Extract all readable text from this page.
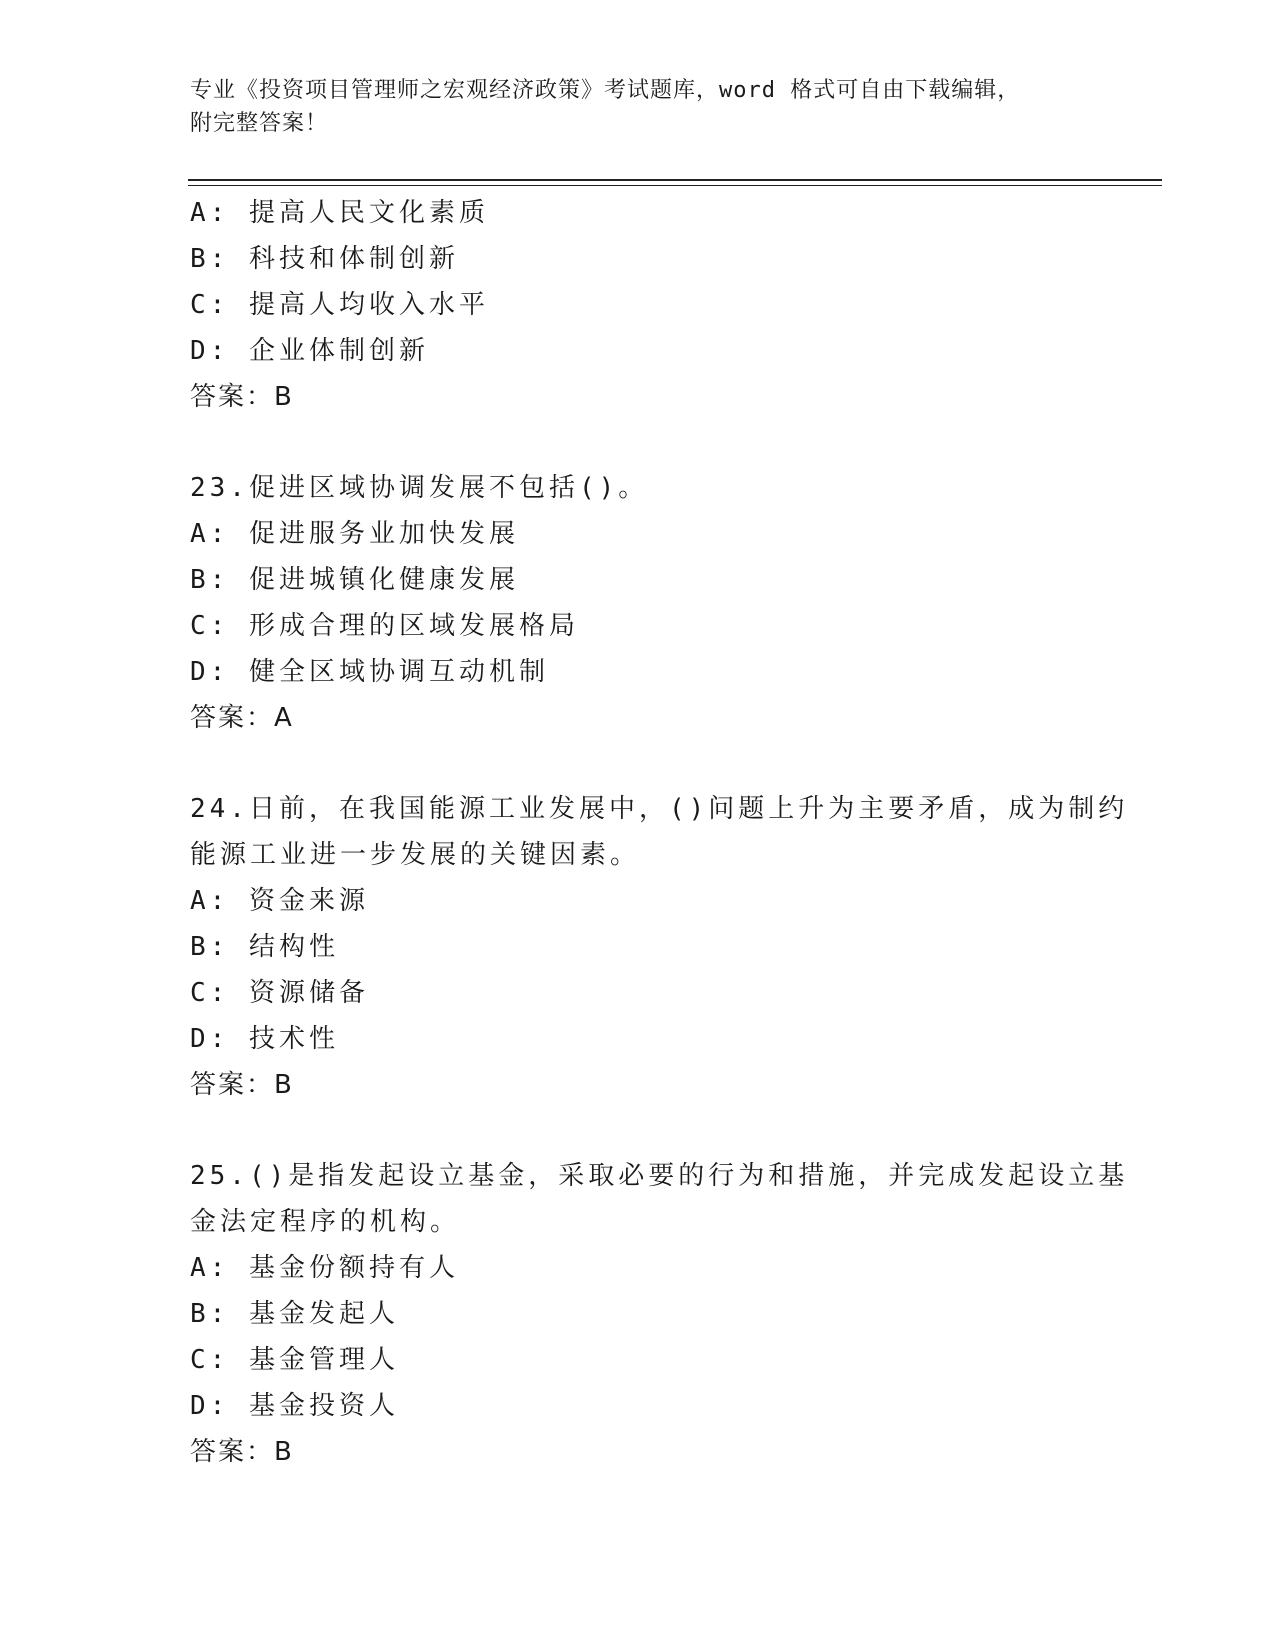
专业《投资项目管理师之宏观经济政策》考试题库，word 格式可自由下载编辑，
附完整答案！
A: 提高人民文化素质
B: 科技和体制创新
C: 提高人均收入水平
D: 企业体制创新
答案：B
23.促进区域协调发展不包括()。
A: 促进服务业加快发展
B: 促进城镇化健康发展
C: 形成合理的区域发展格局
D: 健全区域协调互动机制
答案：A
24.日前，在我国能源工业发展中，()问题上升为主要矛盾，成为制约
能源工业进一步发展的关键因素。
A: 资金来源
B: 结构性
C: 资源储备
D: 技术性
答案：B
25.()是指发起设立基金，采取必要的行为和措施，并完成发起设立基
金法定程序的机构。
A: 基金份额持有人
B: 基金发起人
C: 基金管理人
D: 基金投资人
答案：B
